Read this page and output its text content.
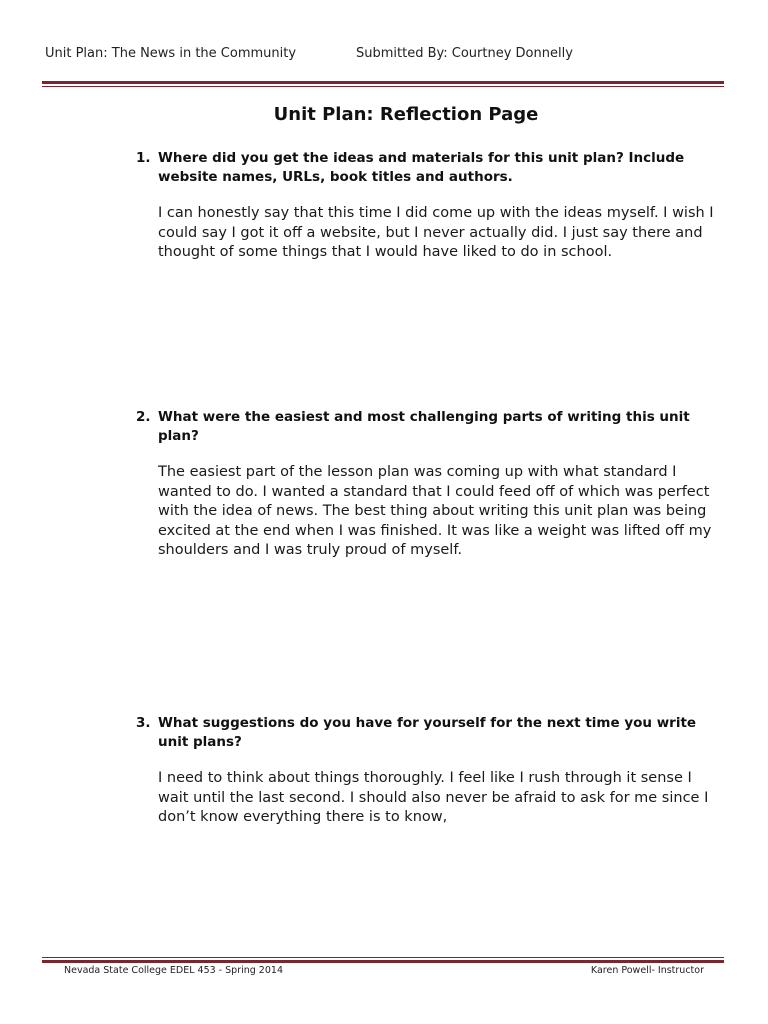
Unit Plan: The News in the Community	Submitted By: Courtney Donnelly
Unit Plan: Reflection Page
1. Where did you get the ideas and materials for this unit plan? Include website names, URLs, book titles and authors.
I can honestly say that this time I did come up with the ideas myself. I wish I could say I got it off a website, but I never actually did. I just say there and thought of some things that I would have liked to do in school.
2. What were the easiest and most challenging parts of writing this unit plan?
The easiest part of the lesson plan was coming up with what standard I wanted to do. I wanted a standard that I could feed off of which was perfect with the idea of news. The best thing about writing this unit plan was being excited at the end when I was finished. It was like a weight was lifted off my shoulders and I was truly proud of myself.
3. What suggestions do you have for yourself for the next time you write unit plans?
I need to think about things thoroughly. I feel like I rush through it sense I wait until the last second. I should also never be afraid to ask for me since I don’t know everything there is to know,
Nevada State College EDEL 453 - Spring 2014	Karen Powell- Instructor
